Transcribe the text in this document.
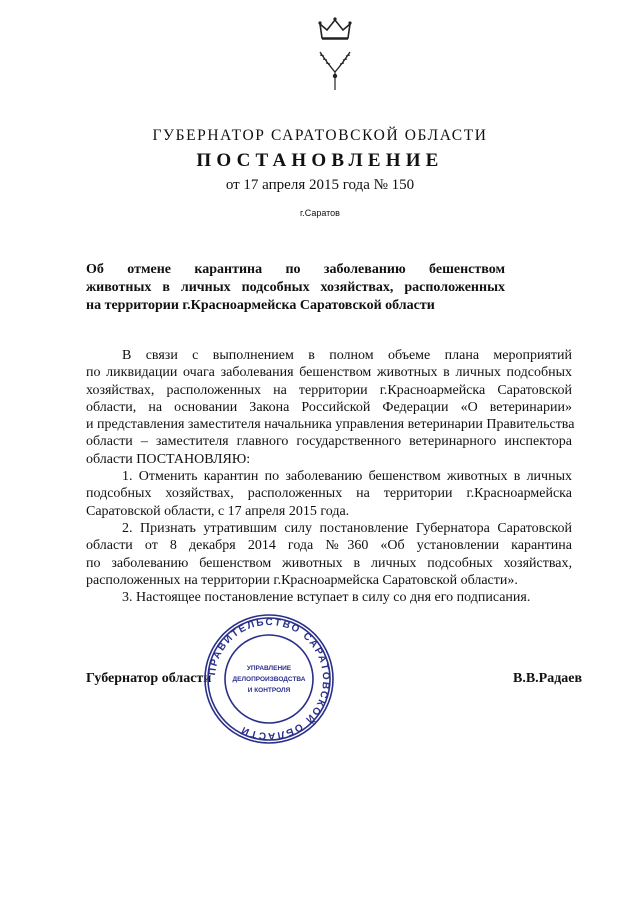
ГУБЕРНАТОР САРАТОВСКОЙ ОБЛАСТИ
ПОСТАНОВЛЕНИЕ
от 17 апреля 2015 года № 150
г.Саратов
Об отмене карантина по заболеванию бешенством
животных в личных подсобных хозяйствах, расположенных
на территории г.Красноармейска Саратовской области
В связи с выполнением в полном объеме плана мероприятий
по ликвидации очага заболевания бешенством животных в личных подсобных
хозяйствах, расположенных на территории г.Красноармейска Саратовской
области, на основании Закона Российской Федерации «О ветеринарии»
и представления заместителя начальника управления ветеринарии Правительства
области – заместителя главного государственного ветеринарного инспектора
области ПОСТАНОВЛЯЮ:
1. Отменить карантин по заболеванию бешенством животных в личных
подсобных хозяйствах, расположенных на территории г.Красноармейска
Саратовской области, с 17 апреля 2015 года.
2. Признать утратившим силу постановление Губернатора Саратовской
области от 8 декабря 2014 года №360 «Об установлении карантина
по заболеванию бешенством животных в личных подсобных хозяйствах,
расположенных на территории г.Красноармейска Саратовской области».
3. Настоящее постановление вступает в силу со дня его подписания.
Губернатор области	В.В.Радаев
ПРАВИТЕЛЬСТВО САРАТОВСКОЙ ОБЛАСТИ
УПРАВЛЕНИЕ
ДЕЛОПРОИЗВОДСТВА
И КОНТРОЛЯ
